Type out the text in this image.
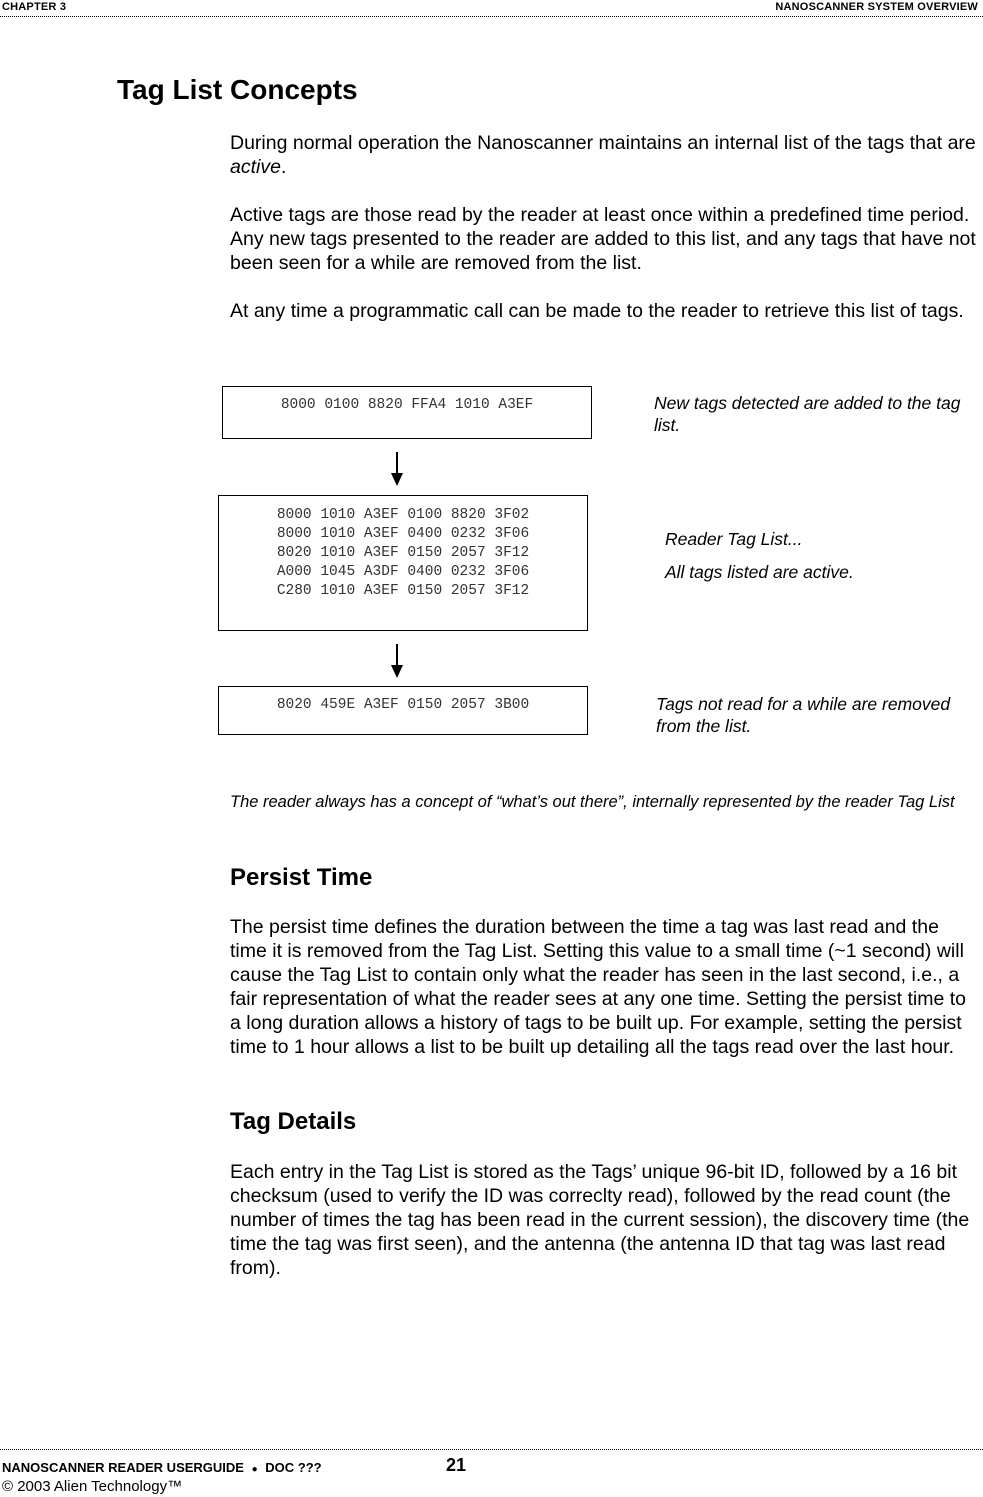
CHAPTER 3	NANOSCANNER SYSTEM OVERVIEW
Tag List Concepts

During normal operation the Nanoscanner maintains an internal list of the tags that are active.

Active tags are those read by the reader at least once within a predefined time period. Any new tags presented to the reader are added to this list, and any tags that have not been seen for a while are removed from the list.

At any time a programmatic call can be made to the reader to retrieve this list of tags.

8000 0100 8820 FFA4 1010 A3EF	New tags detected are added to the tag list.
8000 1010 A3EF 0100 8820 3F02
8000 1010 A3EF 0400 0232 3F06
8020 1010 A3EF 0150 2057 3F12
A000 1045 A3DF 0400 0232 3F06
C280 1010 A3EF 0150 2057 3F12
Reader Tag List...
All tags listed are active.
8020 459E A3EF 0150 2057 3B00	Tags not read for a while are removed from the list.
The reader always has a concept of “what’s out there”, internally represented by the reader Tag List
Persist Time

The persist time defines the duration between the time a tag was last read and the time it is removed from the Tag List. Setting this value to a small time (~1 second) will cause the Tag List to contain only what the reader has seen in the last second, i.e., a fair representation of what the reader sees at any one time. Setting the persist time to a long duration allows a history of tags to be built up. For example, setting the persist time to 1 hour allows a list to be built up detailing all the tags read over the last hour.

Tag Details

Each entry in the Tag List is stored as the Tags’ unique 96-bit ID, followed by a 16 bit checksum (used to verify the ID was correclty read), followed by the read count (the number of times the tag has been read in the current session), the discovery time (the time the tag was first seen), and the antenna (the antenna ID that tag was last read from).

NANOSCANNER READER USERGUIDE ● DOC ???	21
© 2003 Alien Technology™
